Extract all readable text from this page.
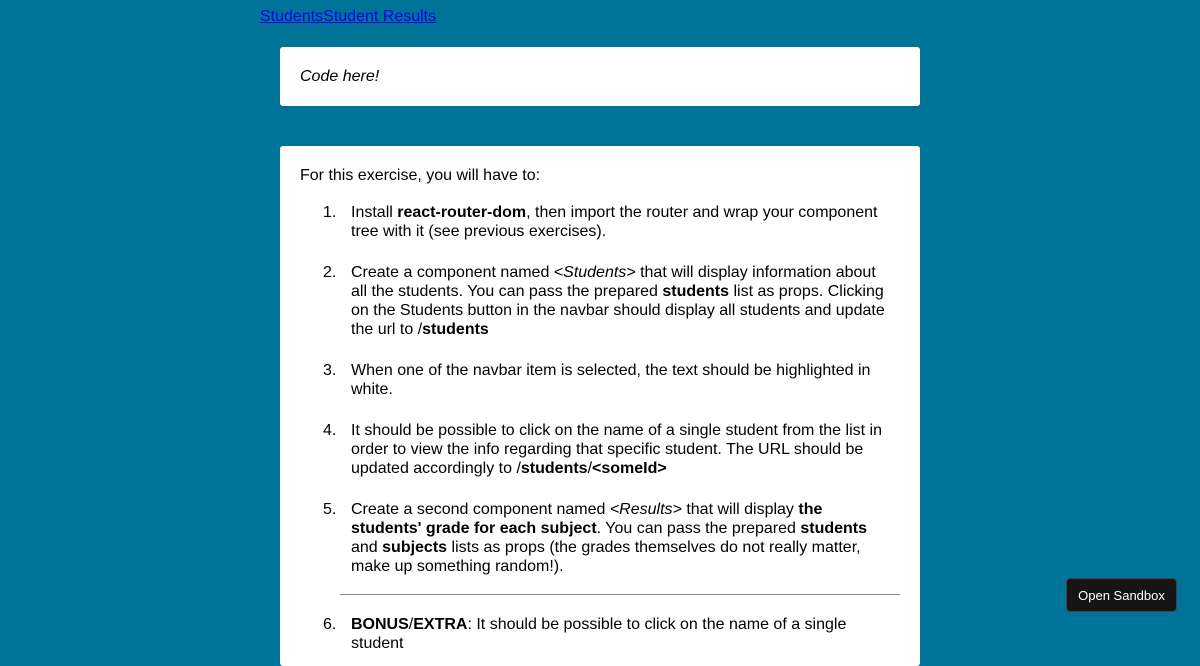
StudentsStudent Results
Code here!

For this exercise, you will have to:

1. Install react-router-dom, then import the router and wrap your component tree with it (see previous exercises).
2. Create a component named <Students> that will display information about all the students. You can pass the prepared students list as props. Clicking on the Students button in the navbar should display all students and update the url to /students
3. When one of the navbar item is selected, the text should be highlighted in white.
4. It should be possible to click on the name of a single student from the list in order to view the info regarding that specific student. The URL should be updated accordingly to /students/<someId>
5. Create a second component named <Results> that will display the students' grade for each subject. You can pass the prepared students and subjects lists as props (the grades themselves do not really matter, make up something random!).
6. BONUS/EXTRA: It should be possible to click on the name of a single student
Open Sandbox
